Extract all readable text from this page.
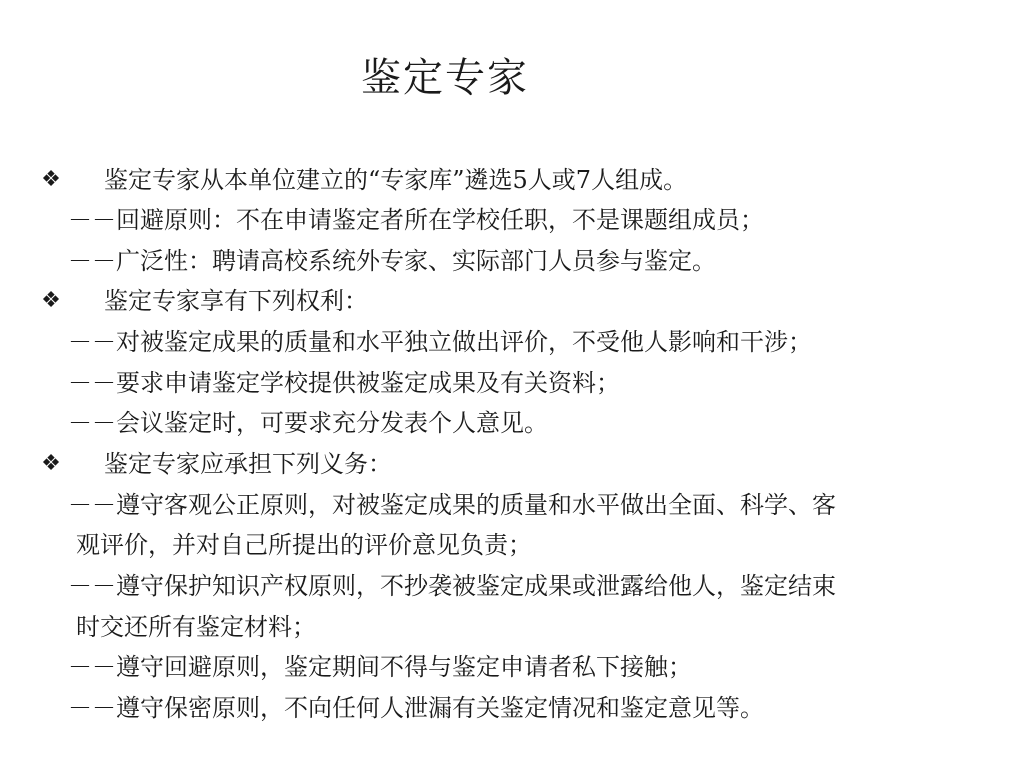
鉴定专家
❖ 鉴定专家从本单位建立的“专家库”遴选5人或7人组成。
－－回避原则：不在申请鉴定者所在学校任职，不是课题组成员；
－－广泛性：聘请高校系统外专家、实际部门人员参与鉴定。
❖ 鉴定专家享有下列权利：
－－对被鉴定成果的质量和水平独立做出评价，不受他人影响和干涉；
－－要求申请鉴定学校提供被鉴定成果及有关资料；
－－会议鉴定时，可要求充分发表个人意见。
❖ 鉴定专家应承担下列义务：
－－遵守客观公正原则，对被鉴定成果的质量和水平做出全面、科学、客
观评价，并对自己所提出的评价意见负责；
－－遵守保护知识产权原则，不抄袭被鉴定成果或泄露给他人，鉴定结束
时交还所有鉴定材料；
－－遵守回避原则，鉴定期间不得与鉴定申请者私下接触；
－－遵守保密原则，不向任何人泄漏有关鉴定情况和鉴定意见等。
